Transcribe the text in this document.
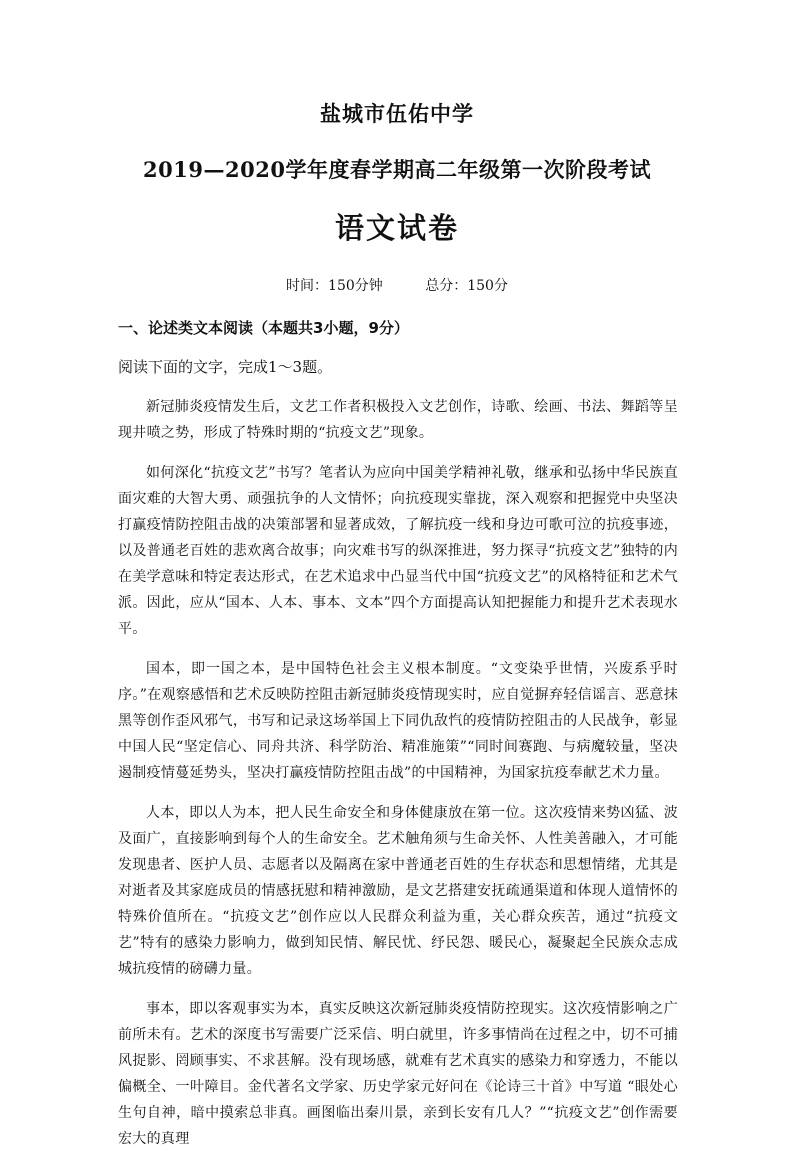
盐城市伍佑中学
2019—2020学年度春学期高二年级第一次阶段考试
语文试卷
时间：150分钟	总分：150分
一、论述类文本阅读（本题共3小题，9分）
阅读下面的文字，完成1～3题。

新冠肺炎疫情发生后，文艺工作者积极投入文艺创作，诗歌、绘画、书法、舞蹈等呈现井喷之势，形成了特殊时期的“抗疫文艺”现象。

如何深化“抗疫文艺”书写？笔者认为应向中国美学精神礼敬，继承和弘扬中华民族直面灾难的大智大勇、顽强抗争的人文情怀；向抗疫现实靠拢，深入观察和把握党中央坚决打赢疫情防控阻击战的决策部署和显著成效，了解抗疫一线和身边可歌可泣的抗疫事迹，以及普通老百姓的悲欢离合故事；向灾难书写的纵深推进，努力探寻“抗疫文艺”独特的内在美学意味和特定表达形式，在艺术追求中凸显当代中国“抗疫文艺”的风格特征和艺术气派。因此，应从“国本、人本、事本、文本”四个方面提高认知把握能力和提升艺术表现水平。

国本，即一国之本，是中国特色社会主义根本制度。“文变染乎世情，兴废系乎时序。”在观察感悟和艺术反映防控阻击新冠肺炎疫情现实时，应自觉摒弃轻信谣言、恶意抹黑等创作歪风邪气，书写和记录这场举国上下同仇敌忾的疫情防控阻击的人民战争，彰显中国人民“坚定信心、同舟共济、科学防治、精准施策”“同时间赛跑、与病魔较量，坚决遏制疫情蔓延势头，坚决打赢疫情防控阻击战”的中国精神，为国家抗疫奉献艺术力量。

人本，即以人为本，把人民生命安全和身体健康放在第一位。这次疫情来势凶猛、波及面广，直接影响到每个人的生命安全。艺术触角须与生命关怀、人性美善融入，才可能发现患者、医护人员、志愿者以及隔离在家中普通老百姓的生存状态和思想情绪，尤其是对逝者及其家庭成员的情感抚慰和精神激励，是文艺搭建安抚疏通渠道和体现人道情怀的特殊价值所在。“抗疫文艺”创作应以人民群众利益为重，关心群众疾苦，通过“抗疫文艺”特有的感染力影响力，做到知民情、解民忧、纾民怨、暖民心，凝聚起全民族众志成城抗疫情的磅礴力量。

事本，即以客观事实为本，真实反映这次新冠肺炎疫情防控现实。这次疫情影响之广前所未有。艺术的深度书写需要广泛采信、明白就里，许多事情尚在过程之中，切不可捕风捉影、罔顾事实、不求甚解。没有现场感，就难有艺术真实的感染力和穿透力，不能以偏概全、一叶障目。金代著名文学家、历史学家元好问在《论诗三十首》中写道 “眼处心生句自神，暗中摸索总非真。画图临出秦川景，亲到长安有几人？”“抗疫文艺”创作需要宏大的真理
